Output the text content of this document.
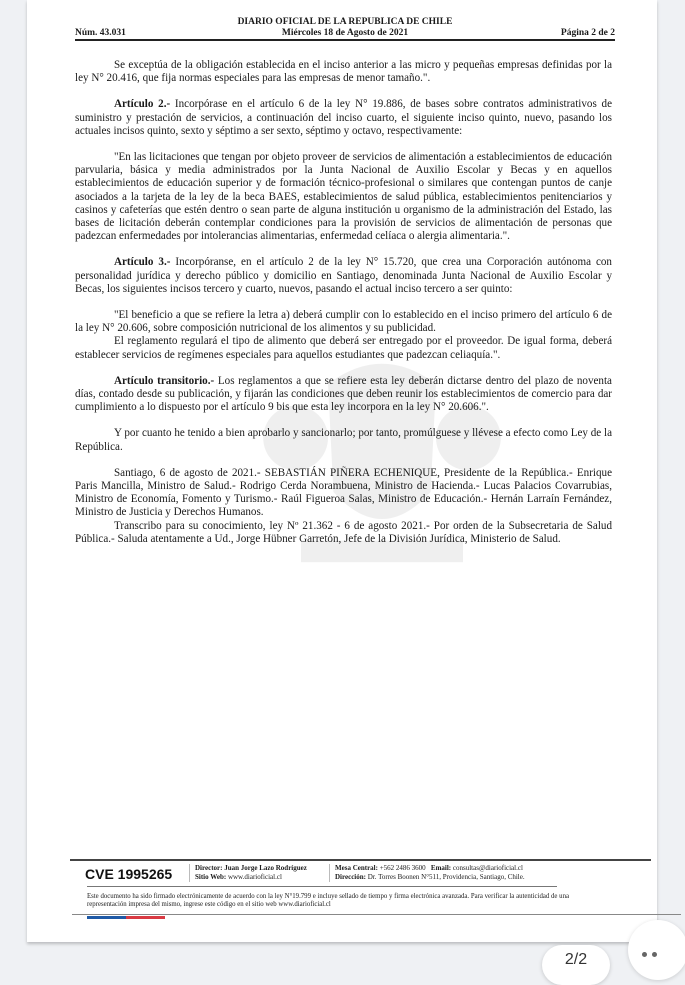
Núm. 43.031
DIARIO OFICIAL DE LA REPUBLICA DE CHILE
Miércoles 18 de Agosto de 2021	Página 2 de 2

Se exceptúa de la obligación establecida en el inciso anterior a las micro y pequeñas empresas definidas por la ley N° 20.416, que fija normas especiales para las empresas de menor tamaño.".

Artículo 2.- Incorpórase en el artículo 6 de la ley N° 19.886, de bases sobre contratos administrativos de suministro y prestación de servicios, a continuación del inciso cuarto, el siguiente inciso quinto, nuevo, pasando los actuales incisos quinto, sexto y séptimo a ser sexto, séptimo y octavo, respectivamente:

"En las licitaciones que tengan por objeto proveer de servicios de alimentación a establecimientos de educación parvularia, básica y media administrados por la Junta Nacional de Auxilio Escolar y Becas y en aquellos establecimientos de educación superior y de formación técnico-profesional o similares que contengan puntos de canje asociados a la tarjeta de la ley de la beca BAES, establecimientos de salud pública, establecimientos penitenciarios y casinos y cafeterías que estén dentro o sean parte de alguna institución u organismo de la administración del Estado, las bases de licitación deberán contemplar condiciones para la provisión de servicios de alimentación de personas que padezcan enfermedades por intolerancias alimentarias, enfermedad celíaca o alergia alimentaria.".

Artículo 3.- Incorpóranse, en el artículo 2 de la ley N° 15.720, que crea una Corporación autónoma con personalidad jurídica y derecho público y domicilio en Santiago, denominada Junta Nacional de Auxilio Escolar y Becas, los siguientes incisos tercero y cuarto, nuevos, pasando el actual inciso tercero a ser quinto:

"El beneficio a que se refiere la letra a) deberá cumplir con lo establecido en el inciso primero del artículo 6 de la ley N° 20.606, sobre composición nutricional de los alimentos y su publicidad.

El reglamento regulará el tipo de alimento que deberá ser entregado por el proveedor. De igual forma, deberá establecer servicios de regímenes especiales para aquellos estudiantes que padezcan celiaquía.".

Artículo transitorio.- Los reglamentos a que se refiere esta ley deberán dictarse dentro del plazo de noventa días, contado desde su publicación, y fijarán las condiciones que deben reunir los establecimientos de comercio para dar cumplimiento a lo dispuesto por el artículo 9 bis que esta ley incorpora en la ley N° 20.606.".

Y por cuanto he tenido a bien aprobarlo y sancionarlo; por tanto, promúlguese y llévese a efecto como Ley de la República.

Santiago, 6 de agosto de 2021.- SEBASTIÁN PIÑERA ECHENIQUE, Presidente de la República.- Enrique Paris Mancilla, Ministro de Salud.- Rodrigo Cerda Norambuena, Ministro de Hacienda.- Lucas Palacios Covarrubias, Ministro de Economía, Fomento y Turismo.- Raúl Figueroa Salas, Ministro de Educación.- Hernán Larraín Fernández, Ministro de Justicia y Derechos Humanos.

Transcribo para su conocimiento, ley Nº 21.362 - 6 de agosto 2021.- Por orden de la Subsecretaria de Salud Pública.- Saluda atentamente a Ud., Jorge Hübner Garretón, Jefe de la División Jurídica, Ministerio de Salud.

CVE 1995265	Director: Juan Jorge Lazo Rodríguez
Sitio Web: www.diarioficial.cl
Mesa Central: +562 2486 3600 Email: consultas@diarioficial.cl
Dirección: Dr. Torres Boonen N°511, Providencia, Santiago, Chile.
Este documento ha sido firmado electrónicamente de acuerdo con la ley N°19.799 e incluye sellado de tiempo y firma electrónica avanzada. Para verificar la autenticidad de una representación impresa del mismo, ingrese este código en el sitio web www.diarioficial.cl
2/2
